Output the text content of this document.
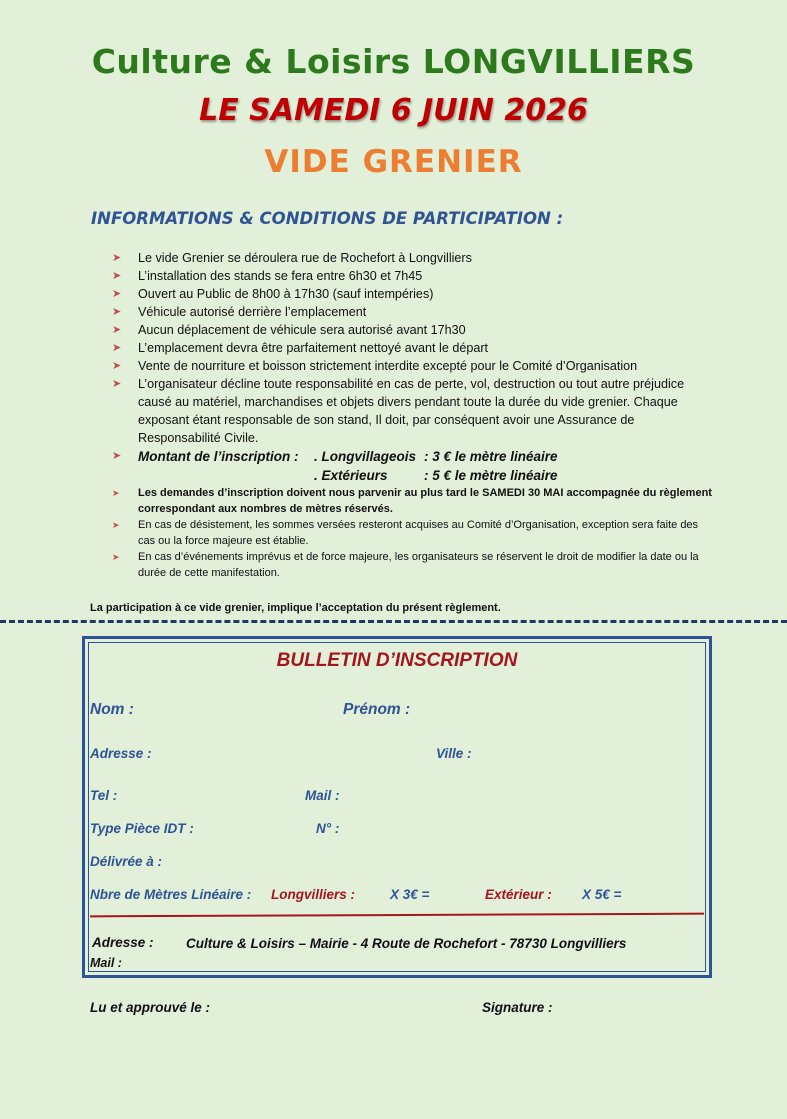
Culture & Loisirs LONGVILLIERS
LE SAMEDI 6 JUIN 2026
VIDE GRENIER
INFORMATIONS & CONDITIONS DE PARTICIPATION :
➤ Le vide Grenier se déroulera rue de Rochefort à Longvilliers
➤ L’installation des stands se fera entre 6h30 et 7h45
➤ Ouvert au Public de 8h00 à 17h30 (sauf intempéries)
➤ Véhicule autorisé derrière l’emplacement
➤ Aucun déplacement de véhicule sera autorisé avant 17h30
➤ L’emplacement devra être parfaitement nettoyé avant le départ
➤ Vente de nourriture et boisson strictement interdite excepté pour le Comité d’Organisation
➤ L’organisateur décline toute responsabilité en cas de perte, vol, destruction ou tout autre préjudice causé au matériel, marchandises et objets divers pendant toute la durée du vide grenier. Chaque exposant étant responsable de son stand, Il doit, par conséquent avoir une Assurance de Responsabilité Civile.
➤ Montant de l’inscription :	. Longvillageois : 3 € le mètre linéaire
. Extérieurs	: 5 € le mètre linéaire
➤ Les demandes d’inscription doivent nous parvenir au plus tard le SAMEDI 30 MAI accompagnée du règlement correspondant aux nombres de mètres réservés.
➤ En cas de désistement, les sommes versées resteront acquises au Comité d’Organisation, exception sera faite des cas ou la force majeure est établie.
➤ En cas d’événements imprévus et de force majeure, les organisateurs se réservent le droit de modifier la date ou la durée de cette manifestation.
La participation à ce vide grenier, implique l’acceptation du présent règlement.
BULLETIN D’INSCRIPTION
Nom :	Prénom :
Adresse :	Ville :
Tel :	Mail :
Type Pièce IDT :	N° :
Délivrée à :
Nbre de Mètres Linéaire : Longvilliers :	X 3€ =	Extérieur : X 5€ =
Adresse : Culture & Loisirs – Mairie - 4 Route de Rochefort - 78730 Longvilliers
Mail :
Lu et approuvé le :	Signature :
